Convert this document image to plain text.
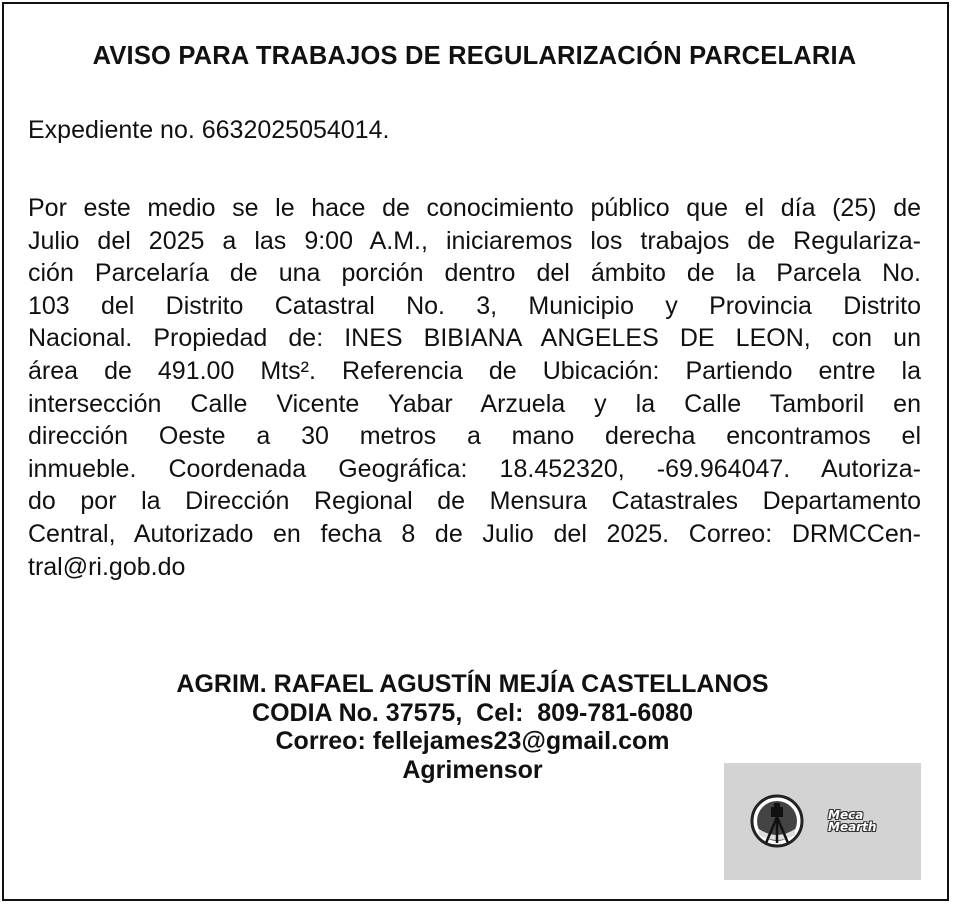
AVISO PARA TRABAJOS DE REGULARIZACIÓN PARCELARIA
Expediente no. 6632025054014.
Por este medio se le hace de conocimiento público que el día (25) de
Julio del 2025 a las 9:00 A.M., iniciaremos los trabajos de Regulariza-
ción Parcelaría de una porción dentro del ámbito de la Parcela No.
103 del Distrito Catastral No. 3, Municipio y Provincia Distrito
Nacional. Propiedad de: INES BIBIANA ANGELES DE LEON, con un
área de 491.00 Mts². Referencia de Ubicación: Partiendo entre la
intersección Calle Vicente Yabar Arzuela y la Calle Tamboril en
dirección Oeste a 30 metros a mano derecha encontramos el
inmueble. Coordenada Geográfica: 18.452320, -69.964047. Autoriza-
do por la Dirección Regional de Mensura Catastrales Departamento
Central, Autorizado en fecha 8 de Julio del 2025. Correo: DRMCCen-
tral@ri.gob.do
AGRIM. RAFAEL AGUSTÍN MEJÍA CASTELLANOS
CODIA No. 37575,  Cel:  809-781-6080
Correo: fellejames23@gmail.com
Agrimensor
Meca
Mearth
